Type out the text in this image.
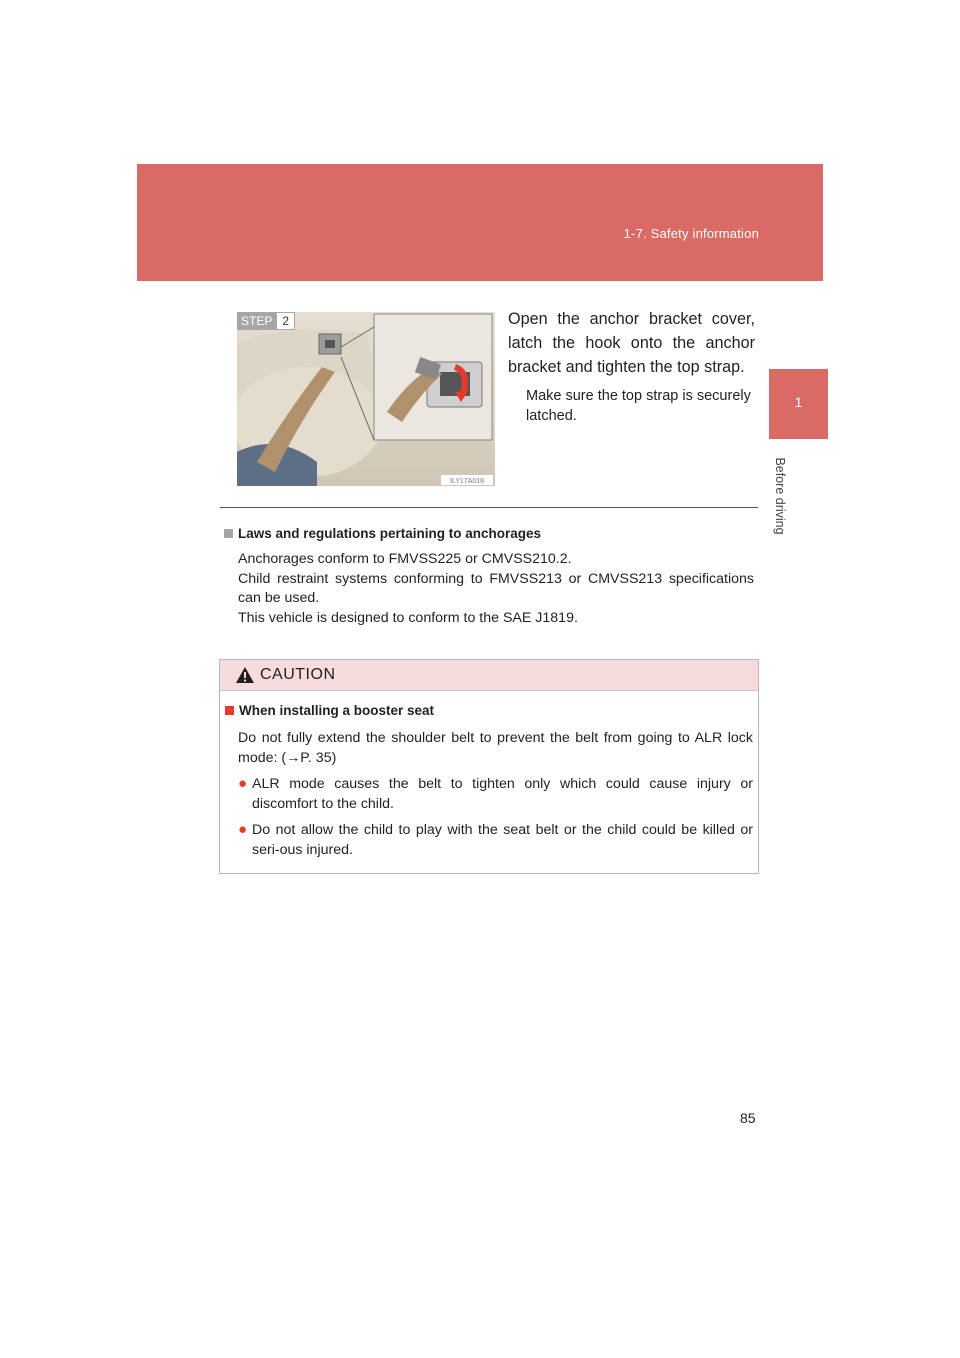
1-7. Safety information
1
Before driving
ILY17A018
STEP 2	Open the anchor bracket cover, latch the hook onto the anchor bracket and tighten the top strap.
Make sure the top strap is securely latched.
Laws and regulations pertaining to anchorages

Anchorages conform to FMVSS225 or CMVSS210.2.

Child restraint systems conforming to FMVSS213 or CMVSS213 specifications can be used.

This vehicle is designed to conform to the SAE J1819.

CAUTION
When installing a booster seat

Do not fully extend the shoulder belt to prevent the belt from going to ALR lock mode: (→P. 35)

● ALR mode causes the belt to tighten only which could cause injury or discomfort to the child.

● Do not allow the child to play with the seat belt or the child could be killed or seri-ous injured.

85
